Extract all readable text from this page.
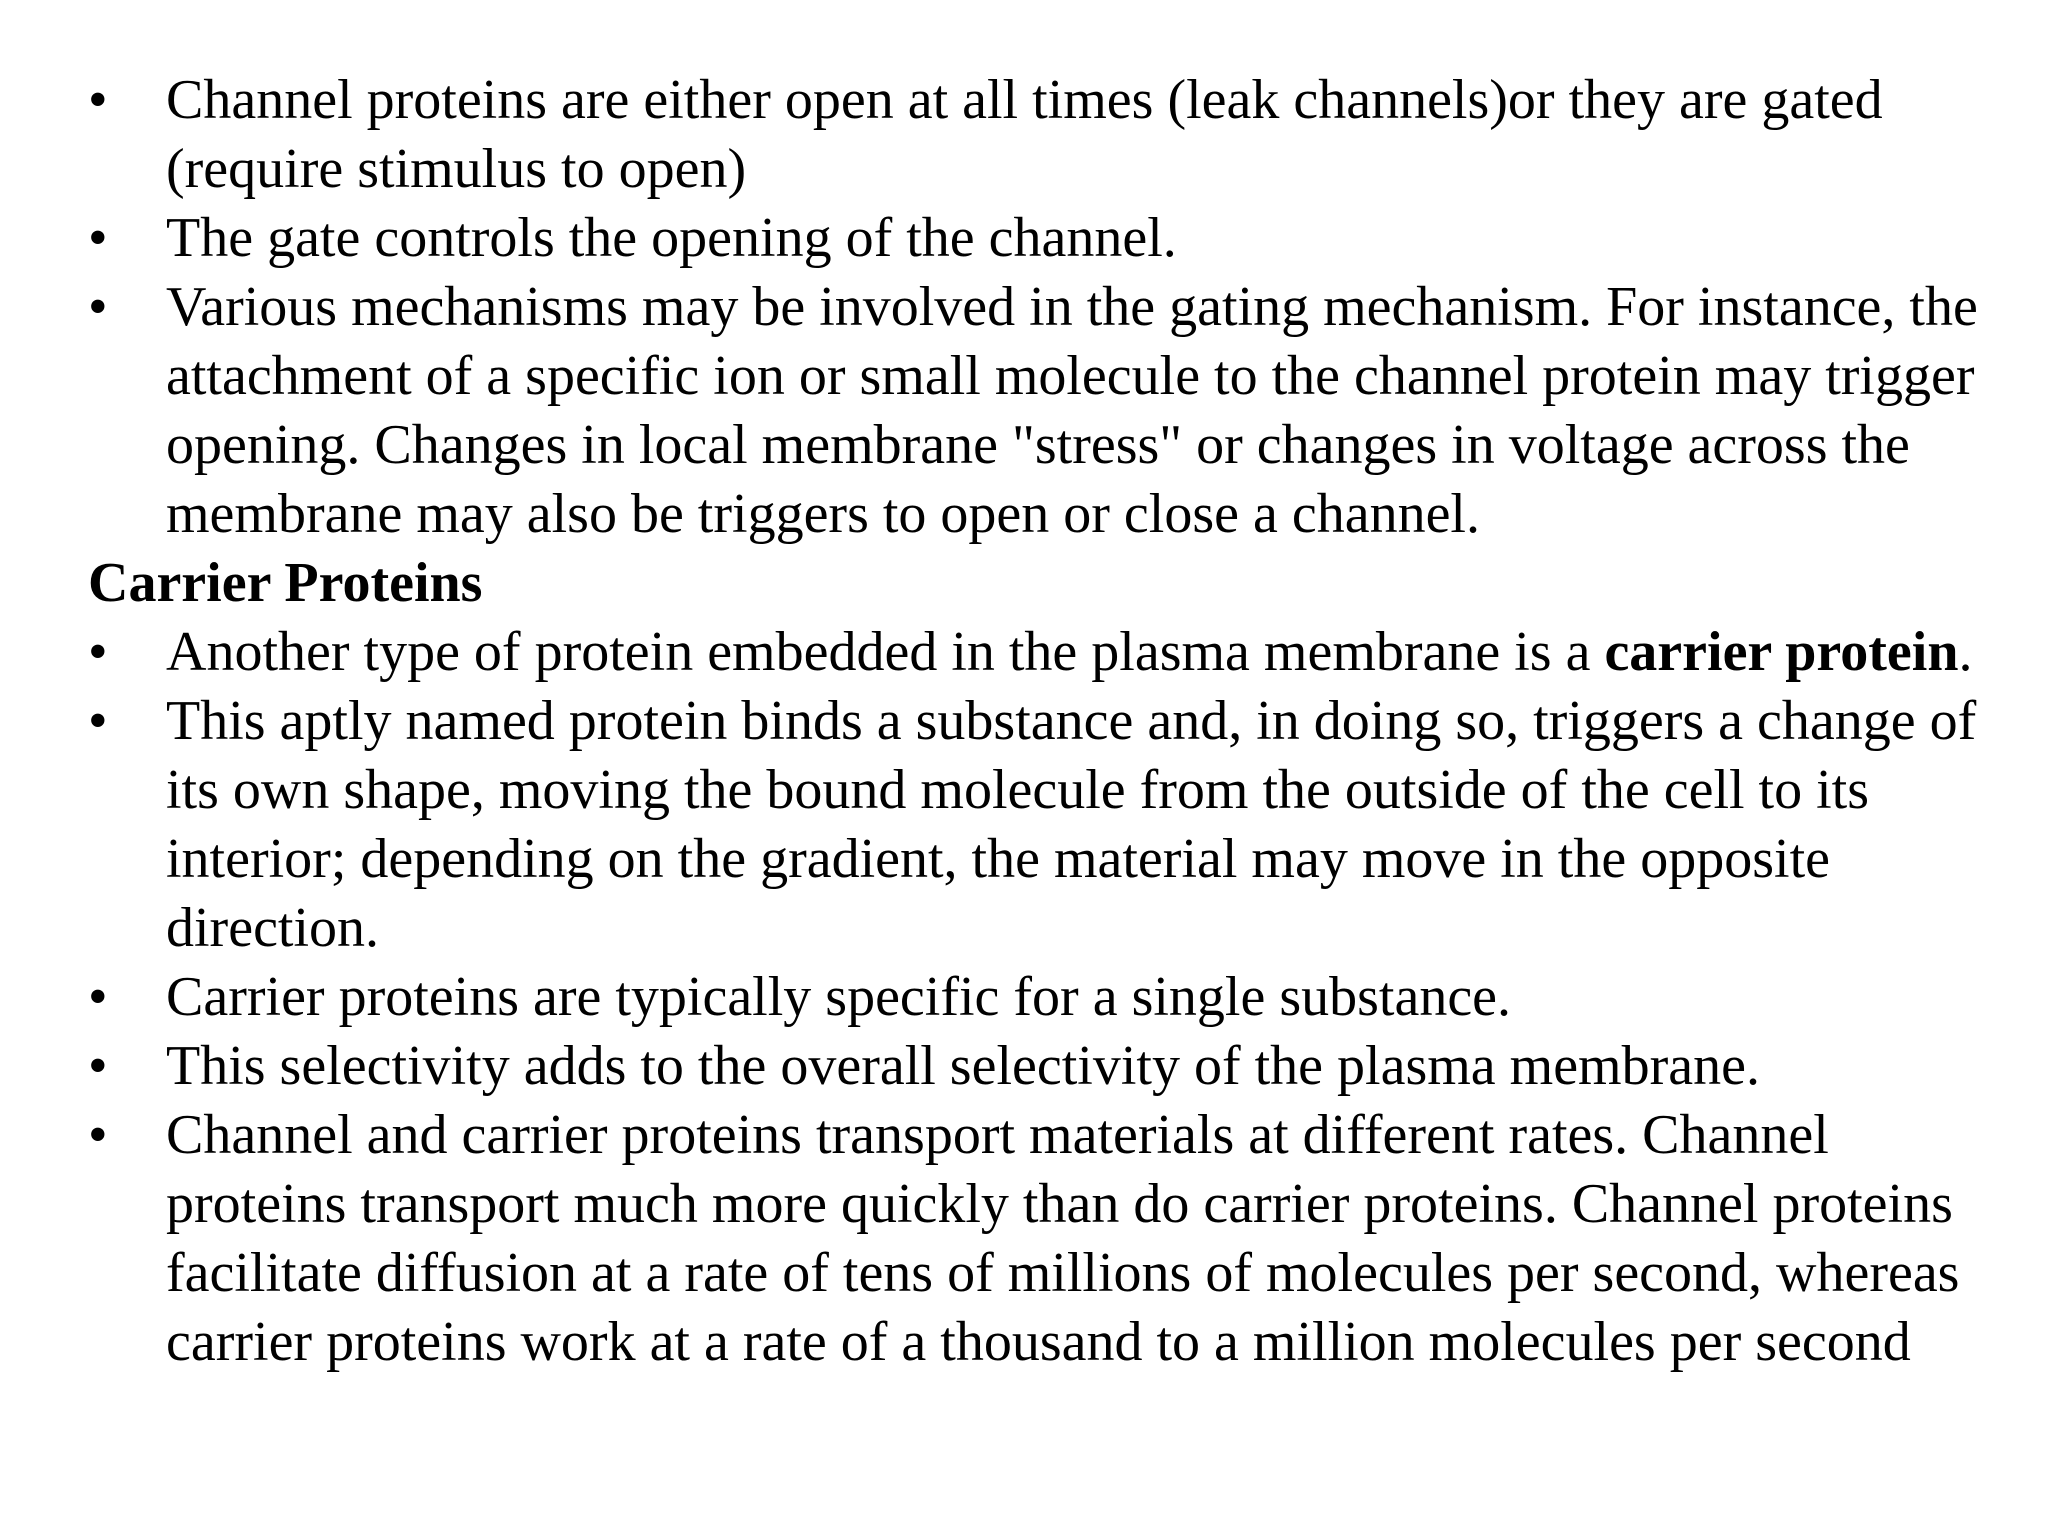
•	Channel proteins are either open at all times (leak channels)or they are gated (require stimulus to open)
•	The gate controls the opening of the channel.
•	Various mechanisms may be involved in the gating mechanism. For instance, the attachment of a specific ion or small molecule to the channel protein may trigger opening. Changes in local membrane "stress" or changes in voltage across the membrane may also be triggers to open or close a channel.
Carrier Proteins
•	Another type of protein embedded in the plasma membrane is a carrier protein.
•	This aptly named protein binds a substance and, in doing so, triggers a change of its own shape, moving the bound molecule from the outside of the cell to its interior; depending on the gradient, the material may move in the opposite direction.
•	Carrier proteins are typically specific for a single substance.
•	This selectivity adds to the overall selectivity of the plasma membrane.
•	Channel and carrier proteins transport materials at different rates. Channel proteins transport much more quickly than do carrier proteins. Channel proteins facilitate diffusion at a rate of tens of millions of molecules per second, whereas carrier proteins work at a rate of a thousand to a million molecules per second
